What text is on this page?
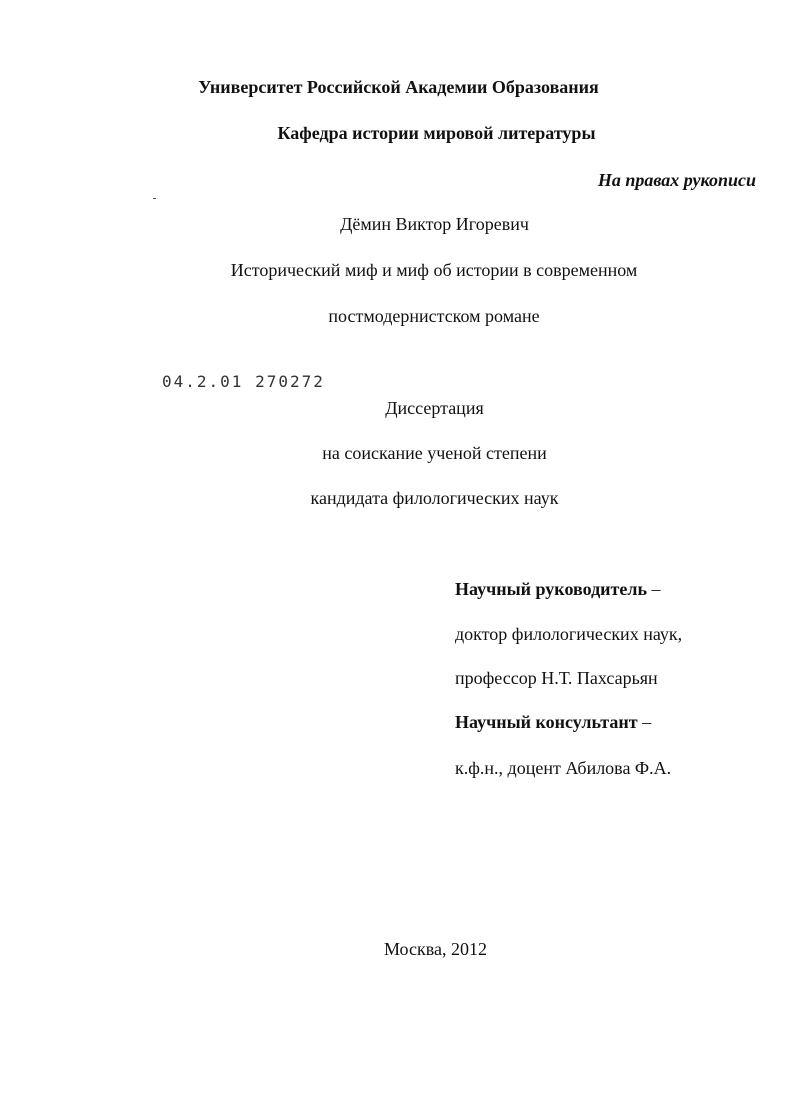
Университет Российской Академии Образования
Кафедра истории мировой литературы
На правах рукописи
Дёмин Виктор Игоревич
Исторический миф и миф об истории в современном
постмодернистском романе
04.2.01 270272
Диссертация
на соискание ученой степени
кандидата филологических наук
Научный руководитель –
доктор филологических наук,
профессор Н.Т. Пахсарьян
Научный консультант –
к.ф.н., доцент Абилова Ф.А.
Москва, 2012
